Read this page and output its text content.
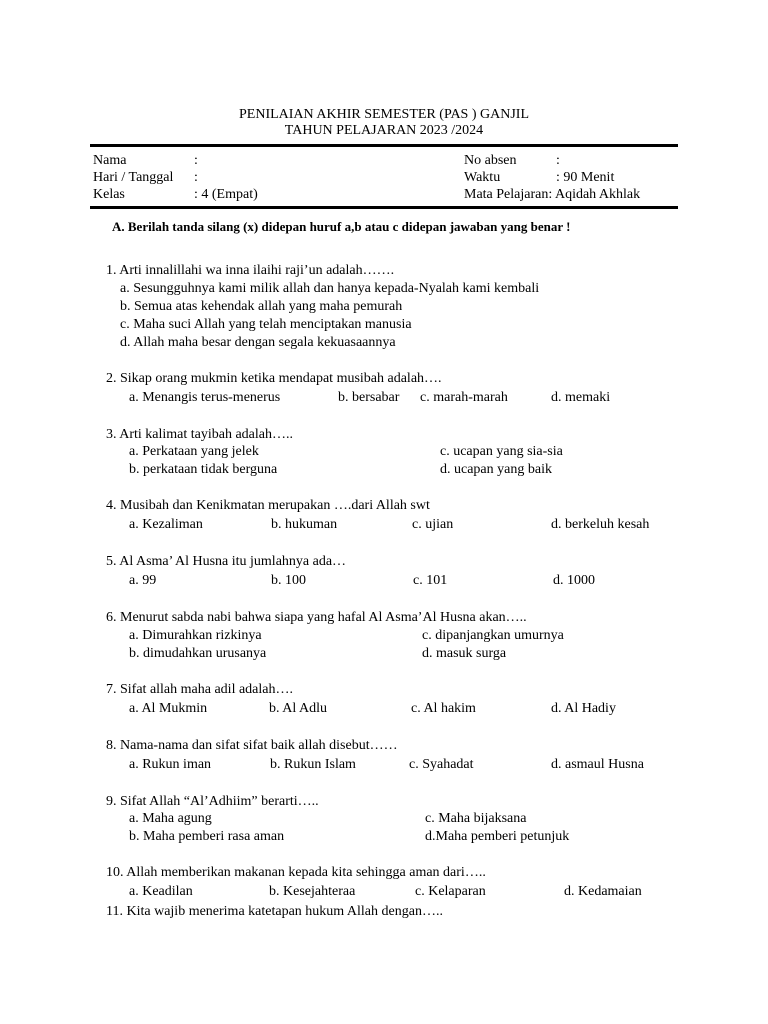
PENILAIAN AKHIR SEMESTER (PAS ) GANJIL
TAHUN PELAJARAN 2023 /2024
Nama	:
Hari / Tanggal :
Kelas	: 4 (Empat)
No absen	:
Waktu	: 90 Menit
Mata Pelajaran: Aqidah Akhlak
A. Berilah tanda silang (x) didepan huruf a,b atau c didepan jawaban yang benar !
1. Arti innalillahi wa inna ilaihi raji’un adalah…….
a. Sesungguhnya kami milik allah dan hanya kepada-Nyalah kami kembali
b. Semua atas kehendak allah yang maha pemurah
c. Maha suci Allah yang telah menciptakan manusia
d. Allah maha besar dengan segala kekuasaannya
2. Sikap orang mukmin ketika mendapat musibah adalah….
a. Menangis terus-menerus	b. bersabar c. marah-marah	d. memaki
3. Arti kalimat tayibah adalah…..
a. Perkataan yang jelek
b. perkataan tidak berguna
c. ucapan yang sia-sia
d. ucapan yang baik
4. Musibah dan Kenikmatan merupakan ….dari Allah swt
a. Kezaliman	b. hukuman	c. ujian	d. berkeluh kesah
5. Al Asma’ Al Husna itu jumlahnya ada…
a. 99	b. 100	c. 101	d. 1000
6. Menurut sabda nabi bahwa siapa yang hafal Al Asma’Al Husna akan…..
a. Dimurahkan rizkinya
b. dimudahkan urusanya
c. dipanjangkan umurnya
d. masuk surga
7. Sifat allah maha adil adalah….
a. Al Mukmin	b. Al Adlu	c. Al hakim	d. Al Hadiy
8. Nama-nama dan sifat sifat baik allah disebut……
a. Rukun iman	b. Rukun Islam	c. Syahadat	d. asmaul Husna
9. Sifat Allah “Al’Adhiim” berarti…..
a. Maha agung
b. Maha pemberi rasa aman
c. Maha bijaksana
d.Maha pemberi petunjuk
10. Allah memberikan makanan kepada kita sehingga aman dari…..
a. Keadilan	b. Kesejahteraa	c. Kelaparan	d. Kedamaian
11. Kita wajib menerima katetapan hukum Allah dengan…..
